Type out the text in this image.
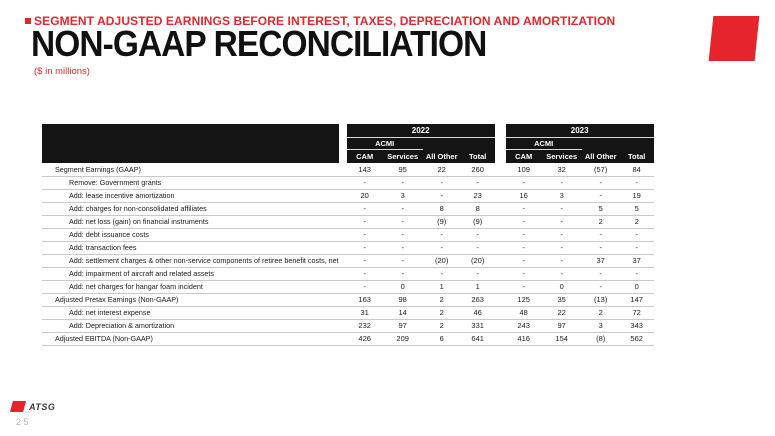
SEGMENT ADJUSTED EARNINGS BEFORE INTEREST, TAXES, DEPRECIATION AND AMORTIZATION
NON-GAAP RECONCILIATION
($ in millions)
		2022					2023			
		ACMI					ACMI			
		CAM	Services	All Other	Total		CAM	Services	All Other	Total
Segment Earnings (GAAP)		143	95	22	260		109	32	(57)	84
Remove: Government grants		-	-	-	-		-	-	-	-
Add: lease incentive amortization		20	3	-	23		16	3	-	19
Add: charges for non-consolidated affiliates		-	-	8	8		-	-	5	5
Add: net loss (gain) on financial instruments		-	-	(9)	(9)		-	-	2	2
Add: debt issuance costs		-	-	-	-		-	-	-	-
Add: transaction fees		-	-	-	-		-	-	-	-
Add: settlement charges & other non-service components of retiree benefit costs, net		-	-	(20)	(20)		-	-	37	37
Add: impairment of aircraft and related assets		-	-	-	-		-	-	-	-
Add: net charges for hangar foam incident		-	0	1	1		-	0	-	0
Adjusted Pretax Earnings (Non-GAAP)		163	98	2	263		125	35	(13)	147
Add: net interest expense		31	14	2	46		48	22	2	72
Add: Depreciation & amortization		232	97	2	331		243	97	3	343
Adjusted EBITDA (Non-GAAP)		426	209	6	641		416	154	(8)	562
ATSG
25
